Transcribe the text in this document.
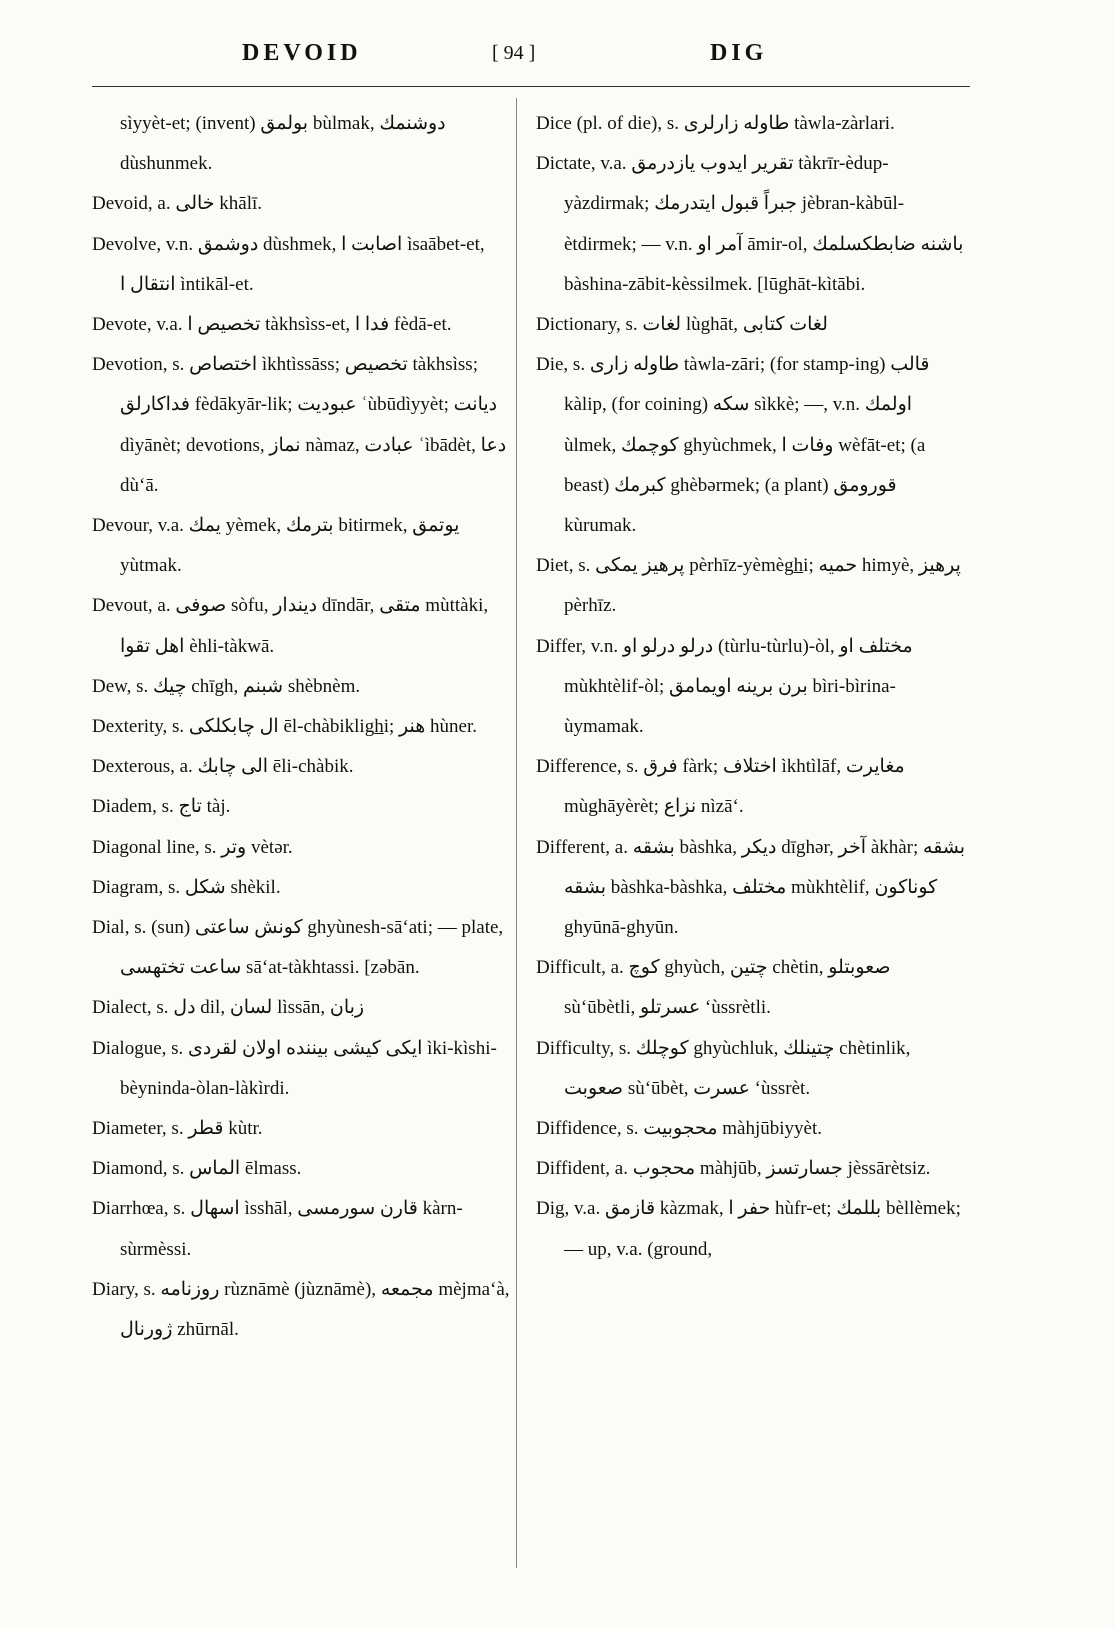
DEVOID	[ 94 ]	DIG

sìyyèt-et; (invent) بولمق bùlmak, دوشنمك dùshunmek.

Devoid, a. خالی khālī.

Devolve, v.n. دوشمق dùshmek, اصابت ا ìsaābet-et, انتقال ا ìntikāl-et.

Devote, v.a. تخصیص ا tàkhsìss-et, فدا ا fèdā-et.

Devotion, s. اختصاص ìkhtìssāss; تخصیص tàkhsìss; فداکارلق fèdākyār-lik; عبودیت ʿùbūdìyyèt; دیانت dìyānèt; devotions, نماز nàmaz, عبادت ʿìbādèt, دعا dù‘ā.

Devour, v.a. یمك yèmek, بترمك bitirmek, یوتمق yùtmak.

Devout, a. صوفی sòfu, دیندار dīndār, متقی mùttàki, اهل تقوا èhli-tàkwā.

Dew, s. چیك chīgh, شبنم shèbnèm.

Dexterity, s. ال چابکلکی ēl-chàbikligh̲i; هنر hùner.

Dexterous, a. الی چابك ēli-chàbik.

Diadem, s. تاج tàj.

Diagonal line, s. وتر vètər.

Diagram, s. شکل shèkil.

Dial, s. (sun) کونش ساعتی ghyùnesh-sā‘ati; — plate, ساعت تختهسی sā‘at-tàkhtassi. [zəbān.

Dialect, s. دل dil, لسان lìssān, زبان

Dialogue, s. ایکی کیشی بیننده اولان لقردی ìki-kìshi-bèyninda-òlan-làkìrdi.

Diameter, s. قطر kùtr.

Diamond, s. الماس ēlmass.

Diarrhœa, s. اسهال ìsshāl, قارن سورمسی kàrn-sùrmèssi.

Diary, s. روزنامه rùznāmè (jùznāmè), مجمعه mèjma‘à, ژورنال zhūrnāl.

Dice (pl. of die), s. طاوله زارلری tàwla-zàrlari.

Dictate, v.a. تقریر ایدوب یازدرمق tàkrīr-èdup-yàzdirmak; جبراً قبول ایتدرمك jèbran-kàbūl-ètdirmek; — v.n. آمر او āmir-ol, باشنه ضابطکسلمك bàshina-zābit-kèssilmek. [lūghāt-kìtābi.

Dictionary, s. لغات lùghāt, لغات کتابی

Die, s. طاوله زاری tàwla-zāri; (for stamp-ing) قالب kàlip, (for coining) سکه sìkkè; —, v.n. اولمك ùlmek, کوچمك ghyùchmek, وفات ا wèfāt-et; (a beast) کبرمك ghèbərmek; (a plant) قورومق kùrumak.

Diet, s. پرهیز یمکی pèrhīz-yèmègh̲i; حمیه himyè, پرهیز pèrhīz.

Differ, v.n. درلو درلو او (tùrlu-tùrlu)-òl, مختلف او mùkhtèlif-òl; برن برینه اویمامق bìri-bìrina-ùymamak.

Difference, s. فرق fàrk; اختلاف ìkhtìlāf, مغایرت mùghāyèrèt; نزاع nìzā‘.

Different, a. بشقه bàshka, دیکر dīghər, آخر àkhàr; بشقه بشقه bàshka-bàshka, مختلف mùkhtèlif, کوناکون ghyūnā-ghyūn.

Difficult, a. کوچ ghyùch, چتین chètin, صعوبتلو sù‘ūbètli, عسرتلو ‘ùssrètli.

Difficulty, s. کوچلك ghyùchluk, چتینلك chètinlik, صعوبت sù‘ūbèt, عسرت ‘ùssrèt.

Diffidence, s. محجوبیت màhjūbiyyèt.

Diffident, a. محجوب màhjūb, جسارتسز jèssārètsiz.

Dig, v.a. قازمق kàzmak, حفر ا hùfr-et; بللمك bèllèmek; — up, v.a. (ground,
